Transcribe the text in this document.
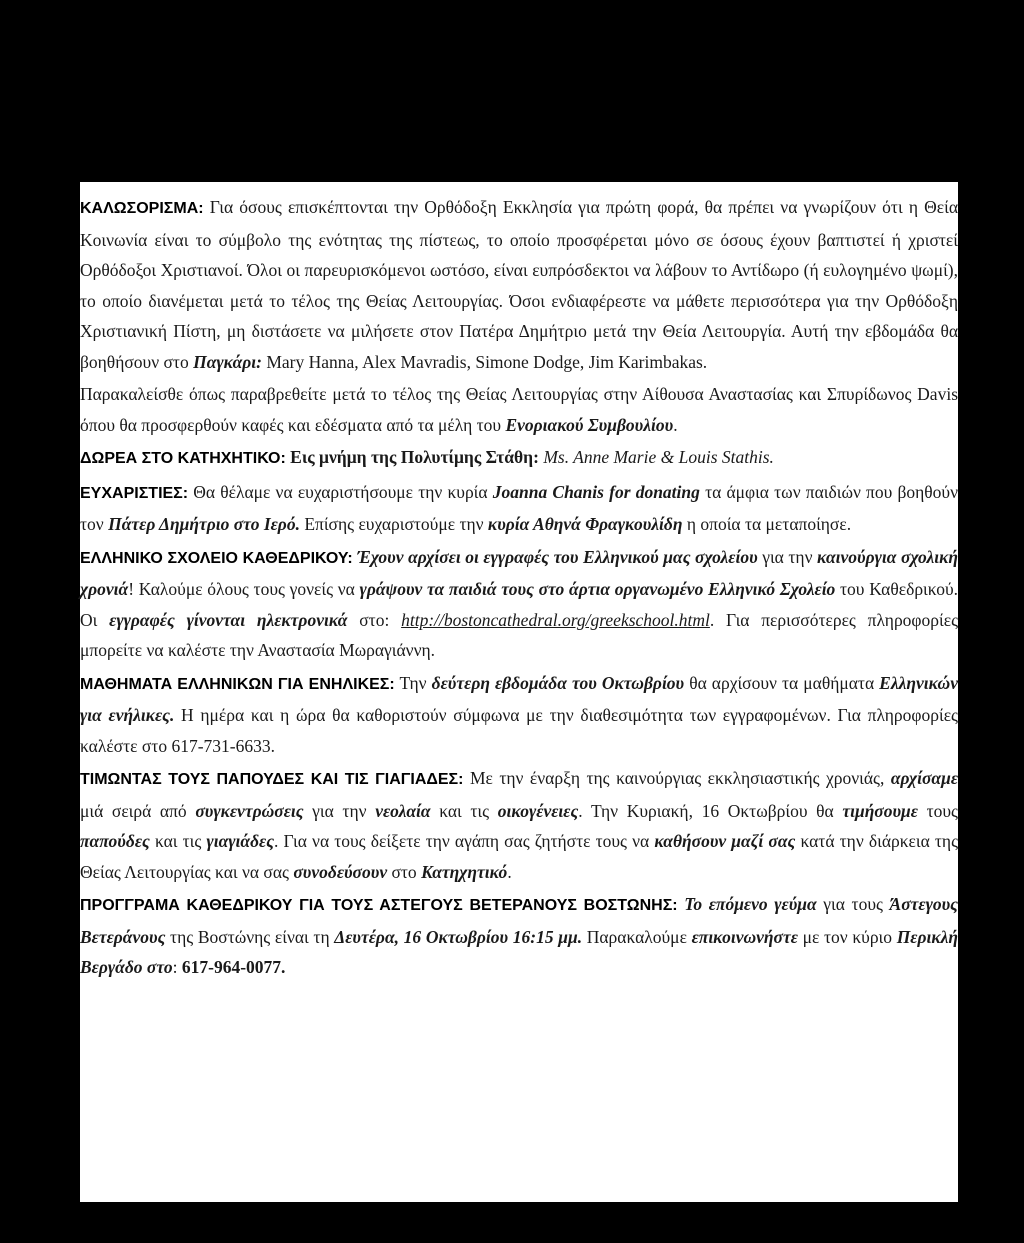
ΚΑΛΩΣΟΡΙΣΜΑ: Για όσους επισκέπτονται την Ορθόδοξη Εκκλησία για πρώτη φορά, θα πρέπει να γνωρίζουν ότι η Θεία Κοινωνία είναι το σύμβολο της ενότητας της πίστεως, το οποίο προσφέρεται μόνο σε όσους έχουν βαπτιστεί ή χριστεί Ορθόδοξοι Χριστιανοί. Όλοι οι παρευρισκόμενοι ωστόσο, είναι ευπρόσδεκτοι να λάβουν το Αντίδωρο (ή ευλογημένο ψωμί), το οποίο διανέμεται μετά το τέλος της Θείας Λειτουργίας. Όσοι ενδιαφέρεστε να μάθετε περισσότερα για την Ορθόδοξη Χριστιανική Πίστη, μη διστάσετε να μιλήσετε στον Πατέρα Δημήτριο μετά την Θεία Λειτουργία. Αυτή την εβδομάδα θα βοηθήσουν στο Παγκάρι: Mary Hanna, Alex Mavradis, Simone Dodge, Jim Karimbakas.

Παρακαλείσθε όπως παραβρεθείτε μετά το τέλος της Θείας Λειτουργίας στην Αίθουσα Αναστασίας και Σπυρίδωνος Davis όπου θα προσφερθούν καφές και εδέσματα από τα μέλη του Ενοριακού Συμβουλίου.

ΔΩΡΕΑ ΣΤΟ ΚΑΤΗΧΗΤΙΚΟ: Εις μνήμη της Πολυτίμης Στάθη: Ms. Anne Marie & Louis Stathis.

ΕΥΧΑΡΙΣΤΙΕΣ: Θα θέλαμε να ευχαριστήσουμε την κυρία Joanna Chanis for donating τα άμφια των παιδιών που βοηθούν τον Πάτερ Δημήτριο στο Ιερό. Επίσης ευχαριστούμε την κυρία Αθηνά Φραγκουλίδη η οποία τα μεταποίησε.

ΕΛΛΗΝΙΚΟ ΣΧΟΛΕΙΟ ΚΑΘΕΔΡΙΚΟΥ: Έχουν αρχίσει οι εγγραφές του Ελληνικού μας σχολείου για την καινούργια σχολική χρονιά! Καλούμε όλους τους γονείς να γράψουν τα παιδιά τους στο άρτια οργανωμένο Ελληνικό Σχολείο του Καθεδρικού. Οι εγγραφές γίνονται ηλεκτρονικά στο: http://bostoncathedral.org/greekschool.html. Για περισσότερες πληροφορίες μπορείτε να καλέστε την Αναστασία Μωραγιάννη.

ΜΑΘΗΜΑΤΑ ΕΛΛΗΝΙΚΩΝ ΓΙΑ ΕΝΗΛΙΚΕΣ: Την δεύτερη εβδομάδα του Οκτωβρίου θα αρχίσουν τα μαθήματα Ελληνικών για ενήλικες. Η ημέρα και η ώρα θα καθοριστούν σύμφωνα με την διαθεσιμότητα των εγγραφομένων. Για πληροφορίες καλέστε στο 617-731-6633.

ΤΙΜΩΝΤΑΣ ΤΟΥΣ ΠΑΠΟΥΔΕΣ ΚΑΙ ΤΙΣ ΓΙΑΓΙΑΔΕΣ: Με την έναρξη της καινούργιας εκκλησιαστικής χρονιάς, αρχίσαμε μιά σειρά από συγκεντρώσεις για την νεολαία και τις οικογένειες. Την Κυριακή, 16 Οκτωβρίου θα τιμήσουμε τους παπούδες και τις γιαγιάδες. Για να τους δείξετε την αγάπη σας ζητήστε τους να καθήσουν μαζί σας κατά την διάρκεια της Θείας Λειτουργίας και να σας συνοδεύσουν στο Κατηχητικό.

ΠΡΟΓΓΡΑΜΑ ΚΑΘΕΔΡΙΚΟΥ ΓΙΑ ΤΟΥΣ ΑΣΤΕΓΟΥΣ ΒΕΤΕΡΑΝΟΥΣ ΒΟΣΤΩΝΗΣ: Το επόμενο γεύμα για τους Άστεγους Βετεράνους της Βοστώνης είναι τη Δευτέρα, 16 Οκτωβρίου 16:15 μμ. Παρακαλούμε επικοινωνήστε με τον κύριο Περικλή Βεργάδο στο: 617-964-0077.
